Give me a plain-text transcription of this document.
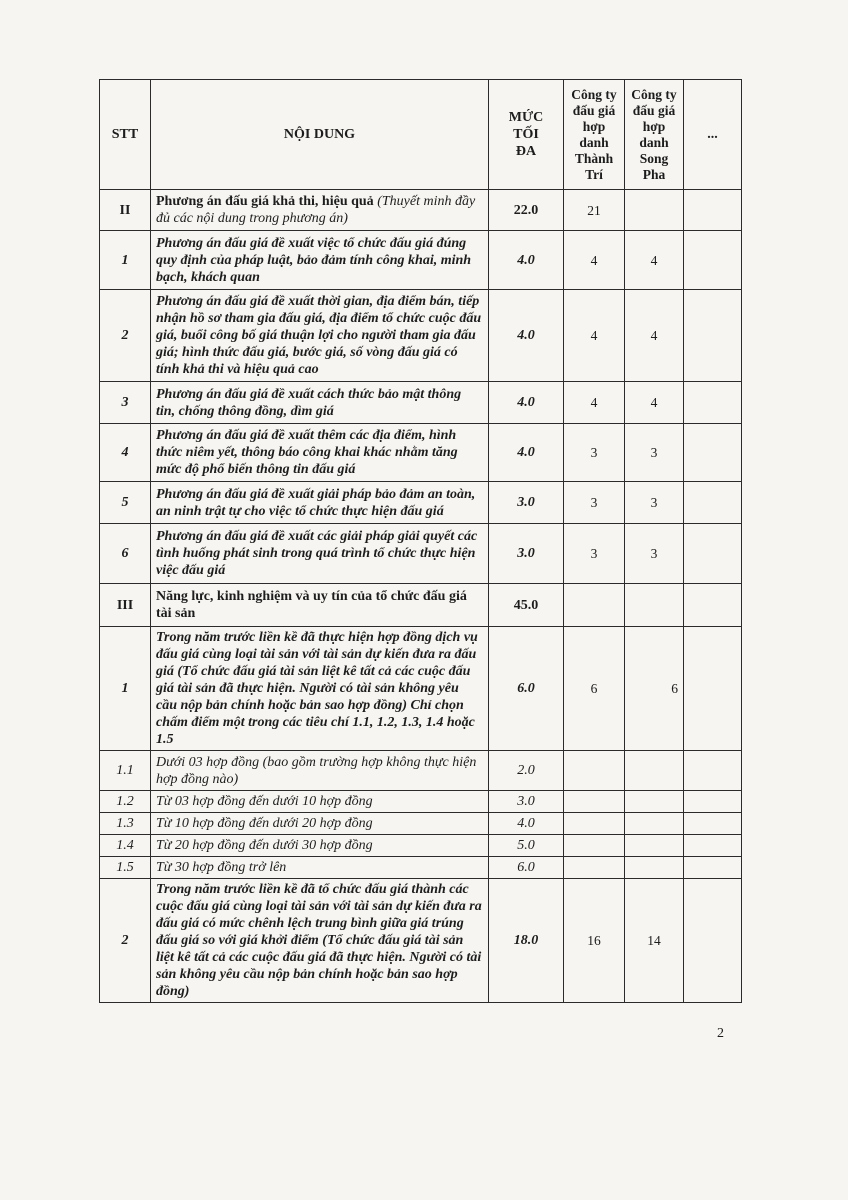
STT	NỘI DUNG	MỨC TỐI ĐA	Công ty đấu giá hợp danh Thành Trí	Công ty đấu giá hợp danh Song Pha	...
II	Phương án đấu giá khả thi, hiệu quả (Thuyết minh đầy đủ các nội dung trong phương án)	22.0	21		
1	Phương án đấu giá đề xuất việc tổ chức đấu giá đúng quy định của pháp luật, bảo đảm tính công khai, minh bạch, khách quan	4.0	4	4	
2	Phương án đấu giá đề xuất thời gian, địa điểm bán, tiếp nhận hồ sơ tham gia đấu giá, địa điểm tổ chức cuộc đấu giá, buổi công bố giá thuận lợi cho người tham gia đấu giá; hình thức đấu giá, bước giá, số vòng đấu giá có tính khả thi và hiệu quả cao	4.0	4	4	
3	Phương án đấu giá đề xuất cách thức bảo mật thông tin, chống thông đồng, dìm giá	4.0	4	4	
4	Phương án đấu giá đề xuất thêm các địa điểm, hình thức niêm yết, thông báo công khai khác nhằm tăng mức độ phổ biến thông tin đấu giá	4.0	3	3	
5	Phương án đấu giá đề xuất giải pháp bảo đảm an toàn, an ninh trật tự cho việc tổ chức thực hiện đấu giá	3.0	3	3	
6	Phương án đấu giá đề xuất các giải pháp giải quyết các tình huống phát sinh trong quá trình tổ chức thực hiện việc đấu giá	3.0	3	3	
III	Năng lực, kinh nghiệm và uy tín của tổ chức đấu giá tài sản	45.0			
1	Trong năm trước liền kề đã thực hiện hợp đồng dịch vụ đấu giá cùng loại tài sản với tài sản dự kiến đưa ra đấu giá (Tổ chức đấu giá tài sản liệt kê tất cả các cuộc đấu giá tài sản đã thực hiện. Người có tài sản không yêu cầu nộp bản chính hoặc bản sao hợp đồng) Chỉ chọn chấm điểm một trong các tiêu chí 1.1, 1.2, 1.3, 1.4 hoặc 1.5	6.0	6	6	
1.1	Dưới 03 hợp đồng (bao gồm trường hợp không thực hiện hợp đồng nào)	2.0			
1.2	Từ 03 hợp đồng đến dưới 10 hợp đồng	3.0			
1.3	Từ 10 hợp đồng đến dưới 20 hợp đồng	4.0			
1.4	Từ 20 hợp đồng đến dưới 30 hợp đồng	5.0			
1.5	Từ 30 hợp đồng trở lên	6.0			
2	Trong năm trước liền kề đã tổ chức đấu giá thành các cuộc đấu giá cùng loại tài sản với tài sản dự kiến đưa ra đấu giá có mức chênh lệch trung bình giữa giá trúng đấu giá so với giá khởi điểm (Tổ chức đấu giá tài sản liệt kê tất cả các cuộc đấu giá đã thực hiện. Người có tài sản không yêu cầu nộp bản chính hoặc bản sao hợp đồng)	18.0	16	14	
2
